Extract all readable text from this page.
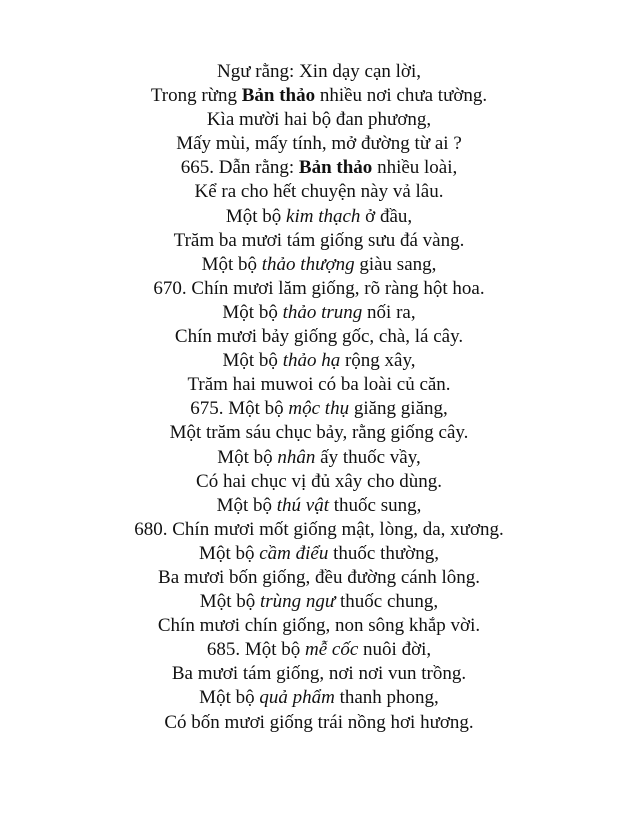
Ngư rằng: Xin dạy cạn lời,
Trong rừng Bản thảo nhiều nơi chưa tường.
Kìa mười hai bộ đan phương,
Mấy mùi, mấy tính, mở đường từ ai ?
665. Dẫn rằng: Bản thảo nhiều loài,
Kể ra cho hết chuyện này vả lâu.
Một bộ kim thạch ở đầu,
Trăm ba mươi tám giống sưu đá vàng.
Một bộ thảo thượng giàu sang,
670. Chín mươi lăm giống, rõ ràng hột hoa.
Một bộ thảo trung nối ra,
Chín mươi bảy giống gốc, chà, lá cây.
Một bộ thảo hạ rộng xây,
Trăm hai muwoi có ba loài củ căn.
675. Một bộ mộc thụ giăng giăng,
Một trăm sáu chục bảy, rằng giống cây.
Một bộ nhân ấy thuốc vầy,
Có hai chục vị đủ xây cho dùng.
Một bộ thú vật thuốc sung,
680. Chín mươi mốt giống mật, lòng, da, xương.
Một bộ cầm điểu thuốc thường,
Ba mươi bốn giống, đều đường cánh lông.
Một bộ trùng ngư thuốc chung,
Chín mươi chín giống, non sông khắp vời.
685. Một bộ mễ cốc nuôi đời,
Ba mươi tám giống, nơi nơi vun trồng.
Một bộ quả phẩm thanh phong,
Có bốn mươi giống trái nồng hơi hương.
